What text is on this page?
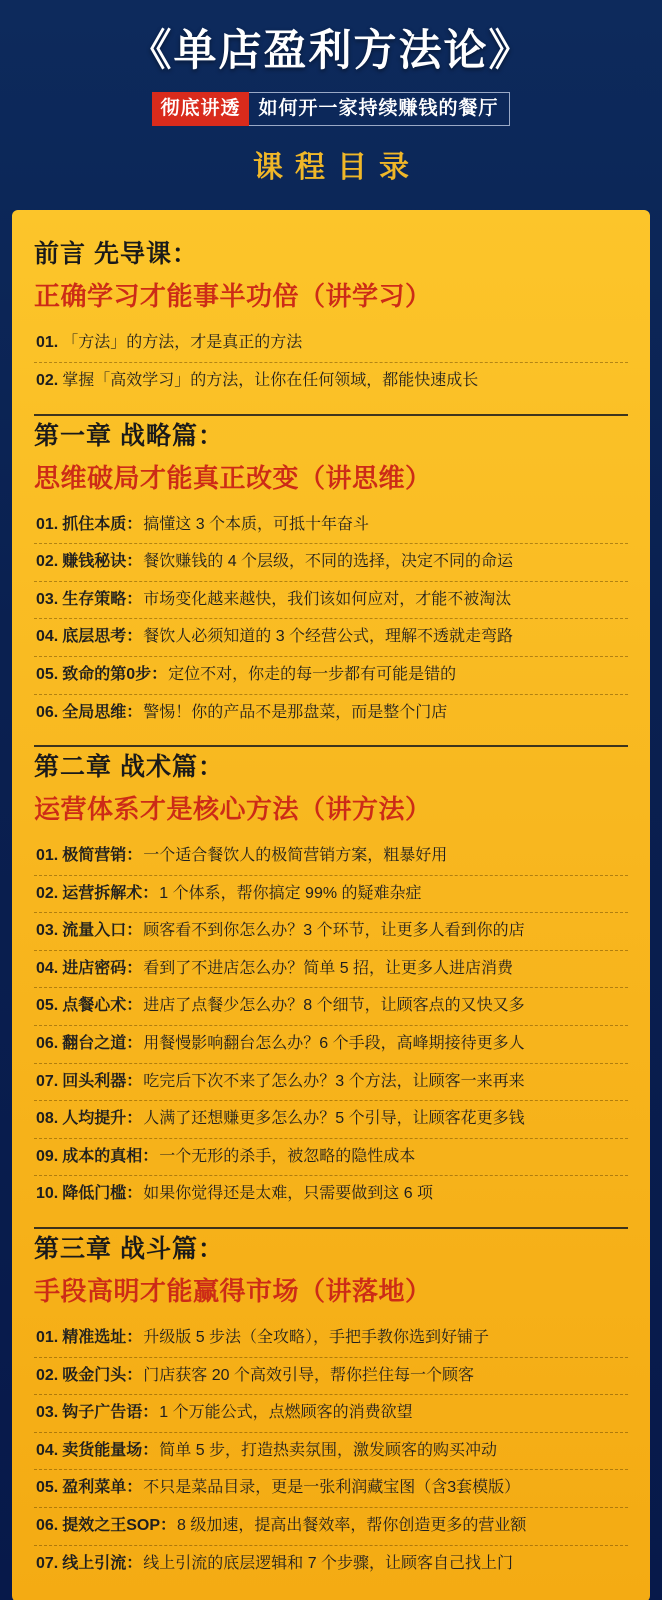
《单店盈利方法论》
彻底讲透 如何开一家持续赚钱的餐厅
课程目录
前言 先导课：
正确学习才能事半功倍（讲学习）
01. 「方法」的方法，才是真正的方法
02. 掌握「高效学习」的方法，让你在任何领域，都能快速成长
第一章 战略篇：
思维破局才能真正改变（讲思维）
01. 抓住本质：搞懂这 3 个本质，可抵十年奋斗
02. 赚钱秘诀：餐饮赚钱的 4 个层级，不同的选择，决定不同的命运
03. 生存策略：市场变化越来越快，我们该如何应对，才能不被淘汰
04. 底层思考：餐饮人必须知道的 3 个经营公式，理解不透就走弯路
05. 致命的第0步：定位不对，你走的每一步都有可能是错的
06. 全局思维：警惕！你的产品不是那盘菜，而是整个门店
第二章 战术篇：
运营体系才是核心方法（讲方法）
01. 极简营销：一个适合餐饮人的极简营销方案，粗暴好用
02. 运营拆解术：1 个体系，帮你搞定 99% 的疑难杂症
03. 流量入口：顾客看不到你怎么办？3 个环节，让更多人看到你的店
04. 进店密码：看到了不进店怎么办？简单 5 招，让更多人进店消费
05. 点餐心术：进店了点餐少怎么办？8 个细节，让顾客点的又快又多
06. 翻台之道：用餐慢影响翻台怎么办？6 个手段，高峰期接待更多人
07. 回头利器：吃完后下次不来了怎么办？3 个方法，让顾客一来再来
08. 人均提升：人满了还想赚更多怎么办？5 个引导，让顾客花更多钱
09. 成本的真相：一个无形的杀手，被忽略的隐性成本
10. 降低门槛：如果你觉得还是太难，只需要做到这 6 项
第三章 战斗篇：
手段高明才能赢得市场（讲落地）
01. 精准选址：升级版 5 步法（全攻略），手把手教你选到好铺子
02. 吸金门头：门店获客 20 个高效引导，帮你拦住每一个顾客
03. 钩子广告语：1 个万能公式，点燃顾客的消费欲望
04. 卖货能量场：简单 5 步，打造热卖氛围，激发顾客的购买冲动
05. 盈利菜单：不只是菜品目录，更是一张利润藏宝图（含3套模版）
06. 提效之王SOP：8 级加速，提高出餐效率，帮你创造更多的营业额
07. 线上引流：线上引流的底层逻辑和 7 个步骤，让顾客自己找上门
